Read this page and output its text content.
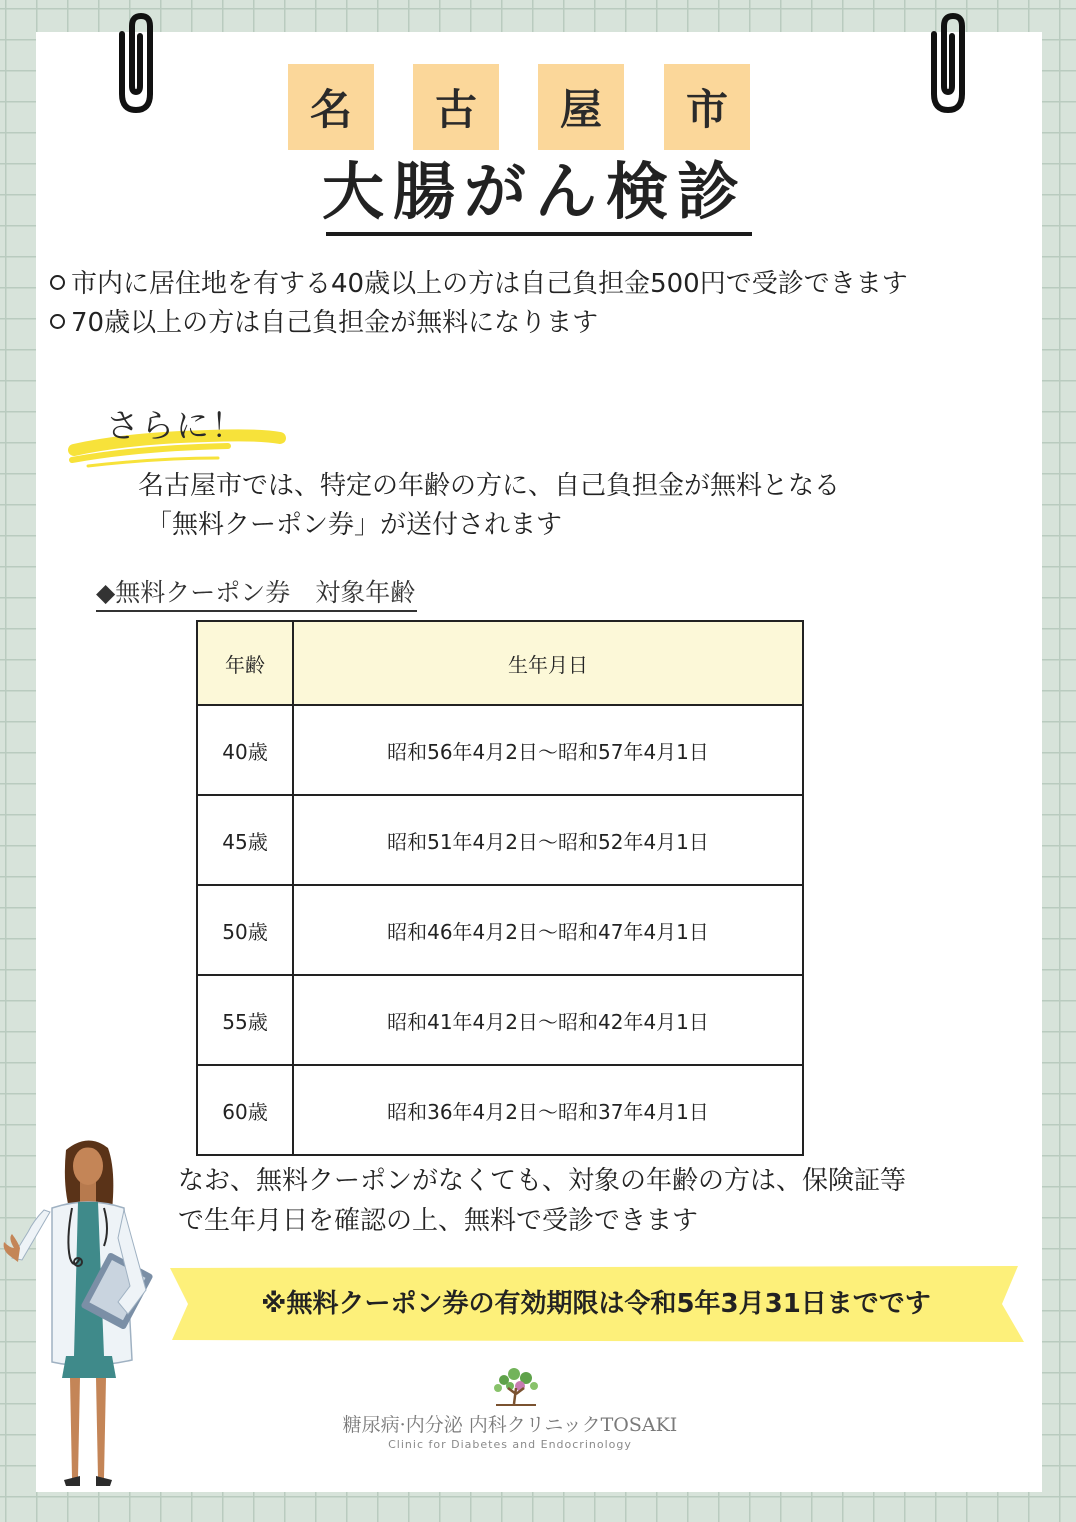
名	古	屋	市
大腸がん検診
市内に居住地を有する40歳以上の方は自己負担金500円で受診できます
70歳以上の方は自己負担金が無料になります
さらに！
名古屋市では、特定の年齢の方に、自己負担金が無料となる
「無料クーポン券」が送付されます
◆無料クーポン券　対象年齢
年齢	生年月日
40歳	昭和56年4月2日～昭和57年4月1日
45歳	昭和51年4月2日～昭和52年4月1日
50歳	昭和46年4月2日～昭和47年4月1日
55歳	昭和41年4月2日～昭和42年4月1日
60歳	昭和36年4月2日～昭和37年4月1日
なお、無料クーポンがなくても、対象の年齢の方は、保険証等
で生年月日を確認の上、無料で受診できます
※無料クーポン券の有効期限は令和5年3月31日までです
糖尿病·内分泌 内科クリニックTOSAKI
Clinic for Diabetes and Endocrinology
